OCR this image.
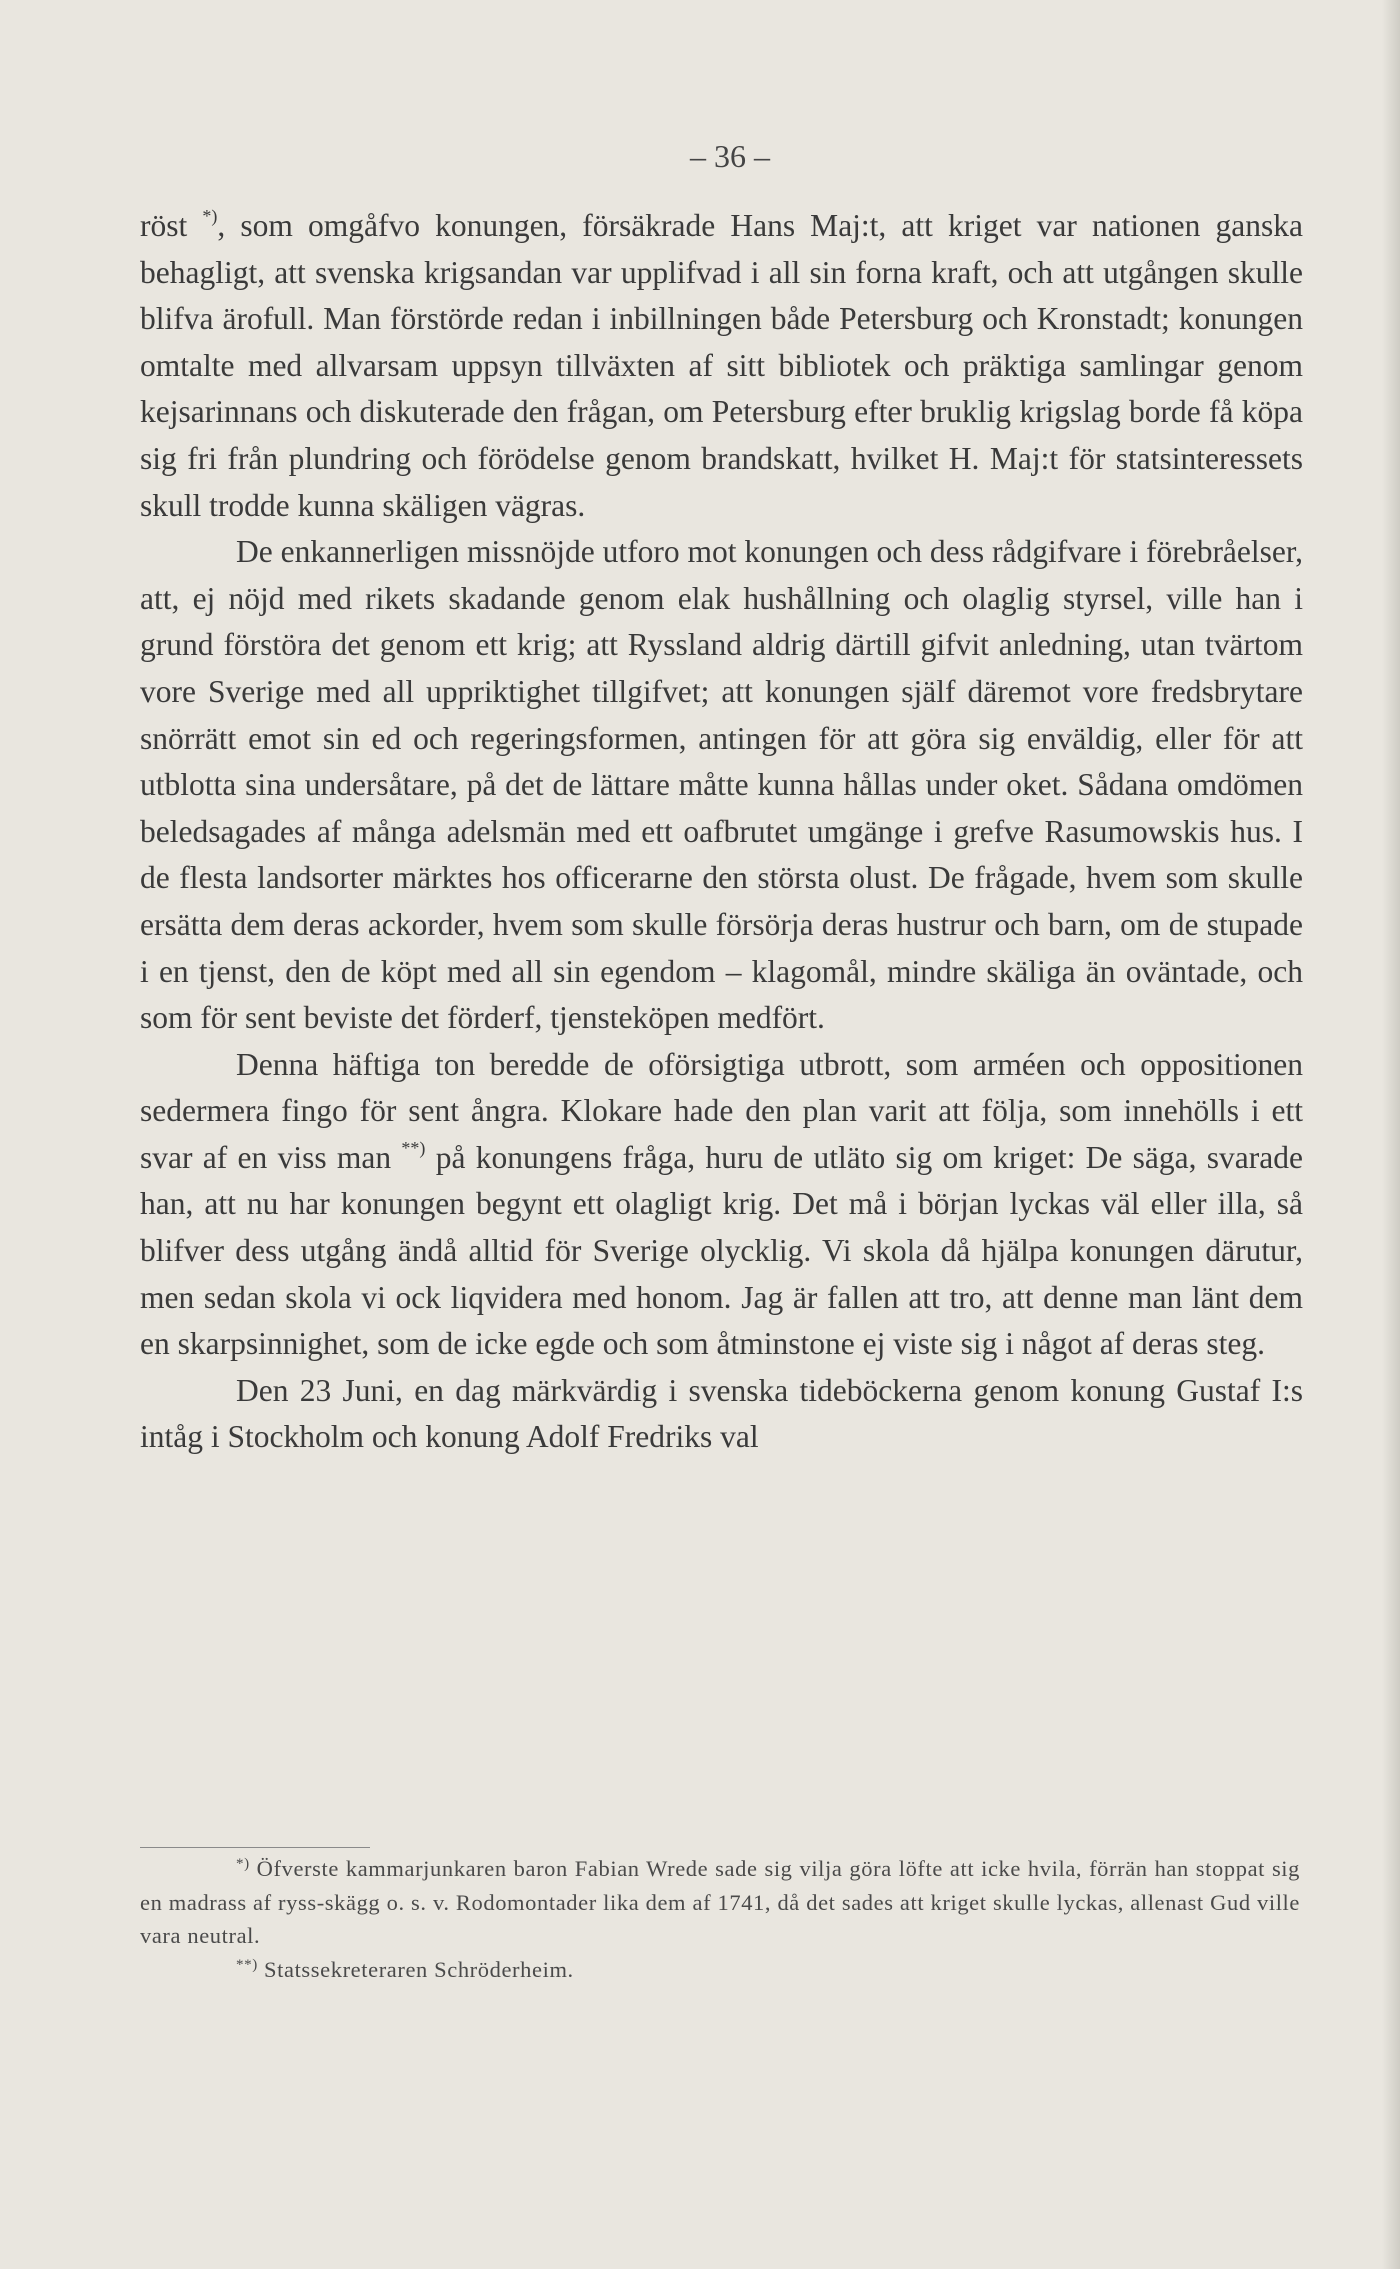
– 36 –

röst *), som omgåfvo konungen, försäkrade Hans Maj:t, att kriget var nationen ganska behagligt, att svenska krigsandan var upplifvad i all sin forna kraft, och att utgången skulle blifva ärofull. Man förstörde redan i inbillningen både Petersburg och Kronstadt; konungen omtalte med allvarsam uppsyn tillväxten af sitt bibliotek och präktiga samlingar genom kejsarinnans och diskuterade den frågan, om Petersburg efter bruklig krigslag borde få köpa sig fri från plundring och förödelse genom brandskatt, hvilket H. Maj:t för statsinteressets skull trodde kunna skäligen vägras.

De enkannerligen missnöjde utforo mot konungen och dess rådgifvare i förebråelser, att, ej nöjd med rikets skadande genom elak hushållning och olaglig styrsel, ville han i grund förstöra det genom ett krig; att Ryssland aldrig därtill gifvit anledning, utan tvärtom vore Sverige med all uppriktighet tillgifvet; att konungen själf däremot vore fredsbrytare snörrätt emot sin ed och regeringsformen, antingen för att göra sig enväldig, eller för att utblotta sina undersåtare, på det de lättare måtte kunna hållas under oket. Sådana omdömen beledsagades af många adelsmän med ett oafbrutet umgänge i grefve Rasumowskis hus. I de flesta landsorter märktes hos officerarne den största olust. De frågade, hvem som skulle ersätta dem deras ackorder, hvem som skulle försörja deras hustrur och barn, om de stupade i en tjenst, den de köpt med all sin egendom – klagomål, mindre skäliga än oväntade, och som för sent beviste det förderf, tjensteköpen medfört.

Denna häftiga ton beredde de oförsigtiga utbrott, som arméen och oppositionen sedermera fingo för sent ångra. Klokare hade den plan varit att följa, som innehölls i ett svar af en viss man **) på konungens fråga, huru de utläto sig om kriget: De säga, svarade han, att nu har konungen begynt ett olagligt krig. Det må i början lyckas väl eller illa, så blifver dess utgång ändå alltid för Sverige olycklig. Vi skola då hjälpa konungen därutur, men sedan skola vi ock liqvidera med honom. Jag är fallen att tro, att denne man länt dem en skarpsinnighet, som de icke egde och som åtminstone ej viste sig i något af deras steg.

Den 23 Juni, en dag märkvärdig i svenska tideböckerna genom konung Gustaf I:s intåg i Stockholm och konung Adolf Fredriks val

*) Öfverste kammarjunkaren baron Fabian Wrede sade sig vilja göra löfte att icke hvila, förrän han stoppat sig en madrass af ryss-skägg o. s. v. Rodomontader lika dem af 1741, då det sades att kriget skulle lyckas, allenast Gud ville vara neutral.

**) Statssekreteraren Schröderheim.
